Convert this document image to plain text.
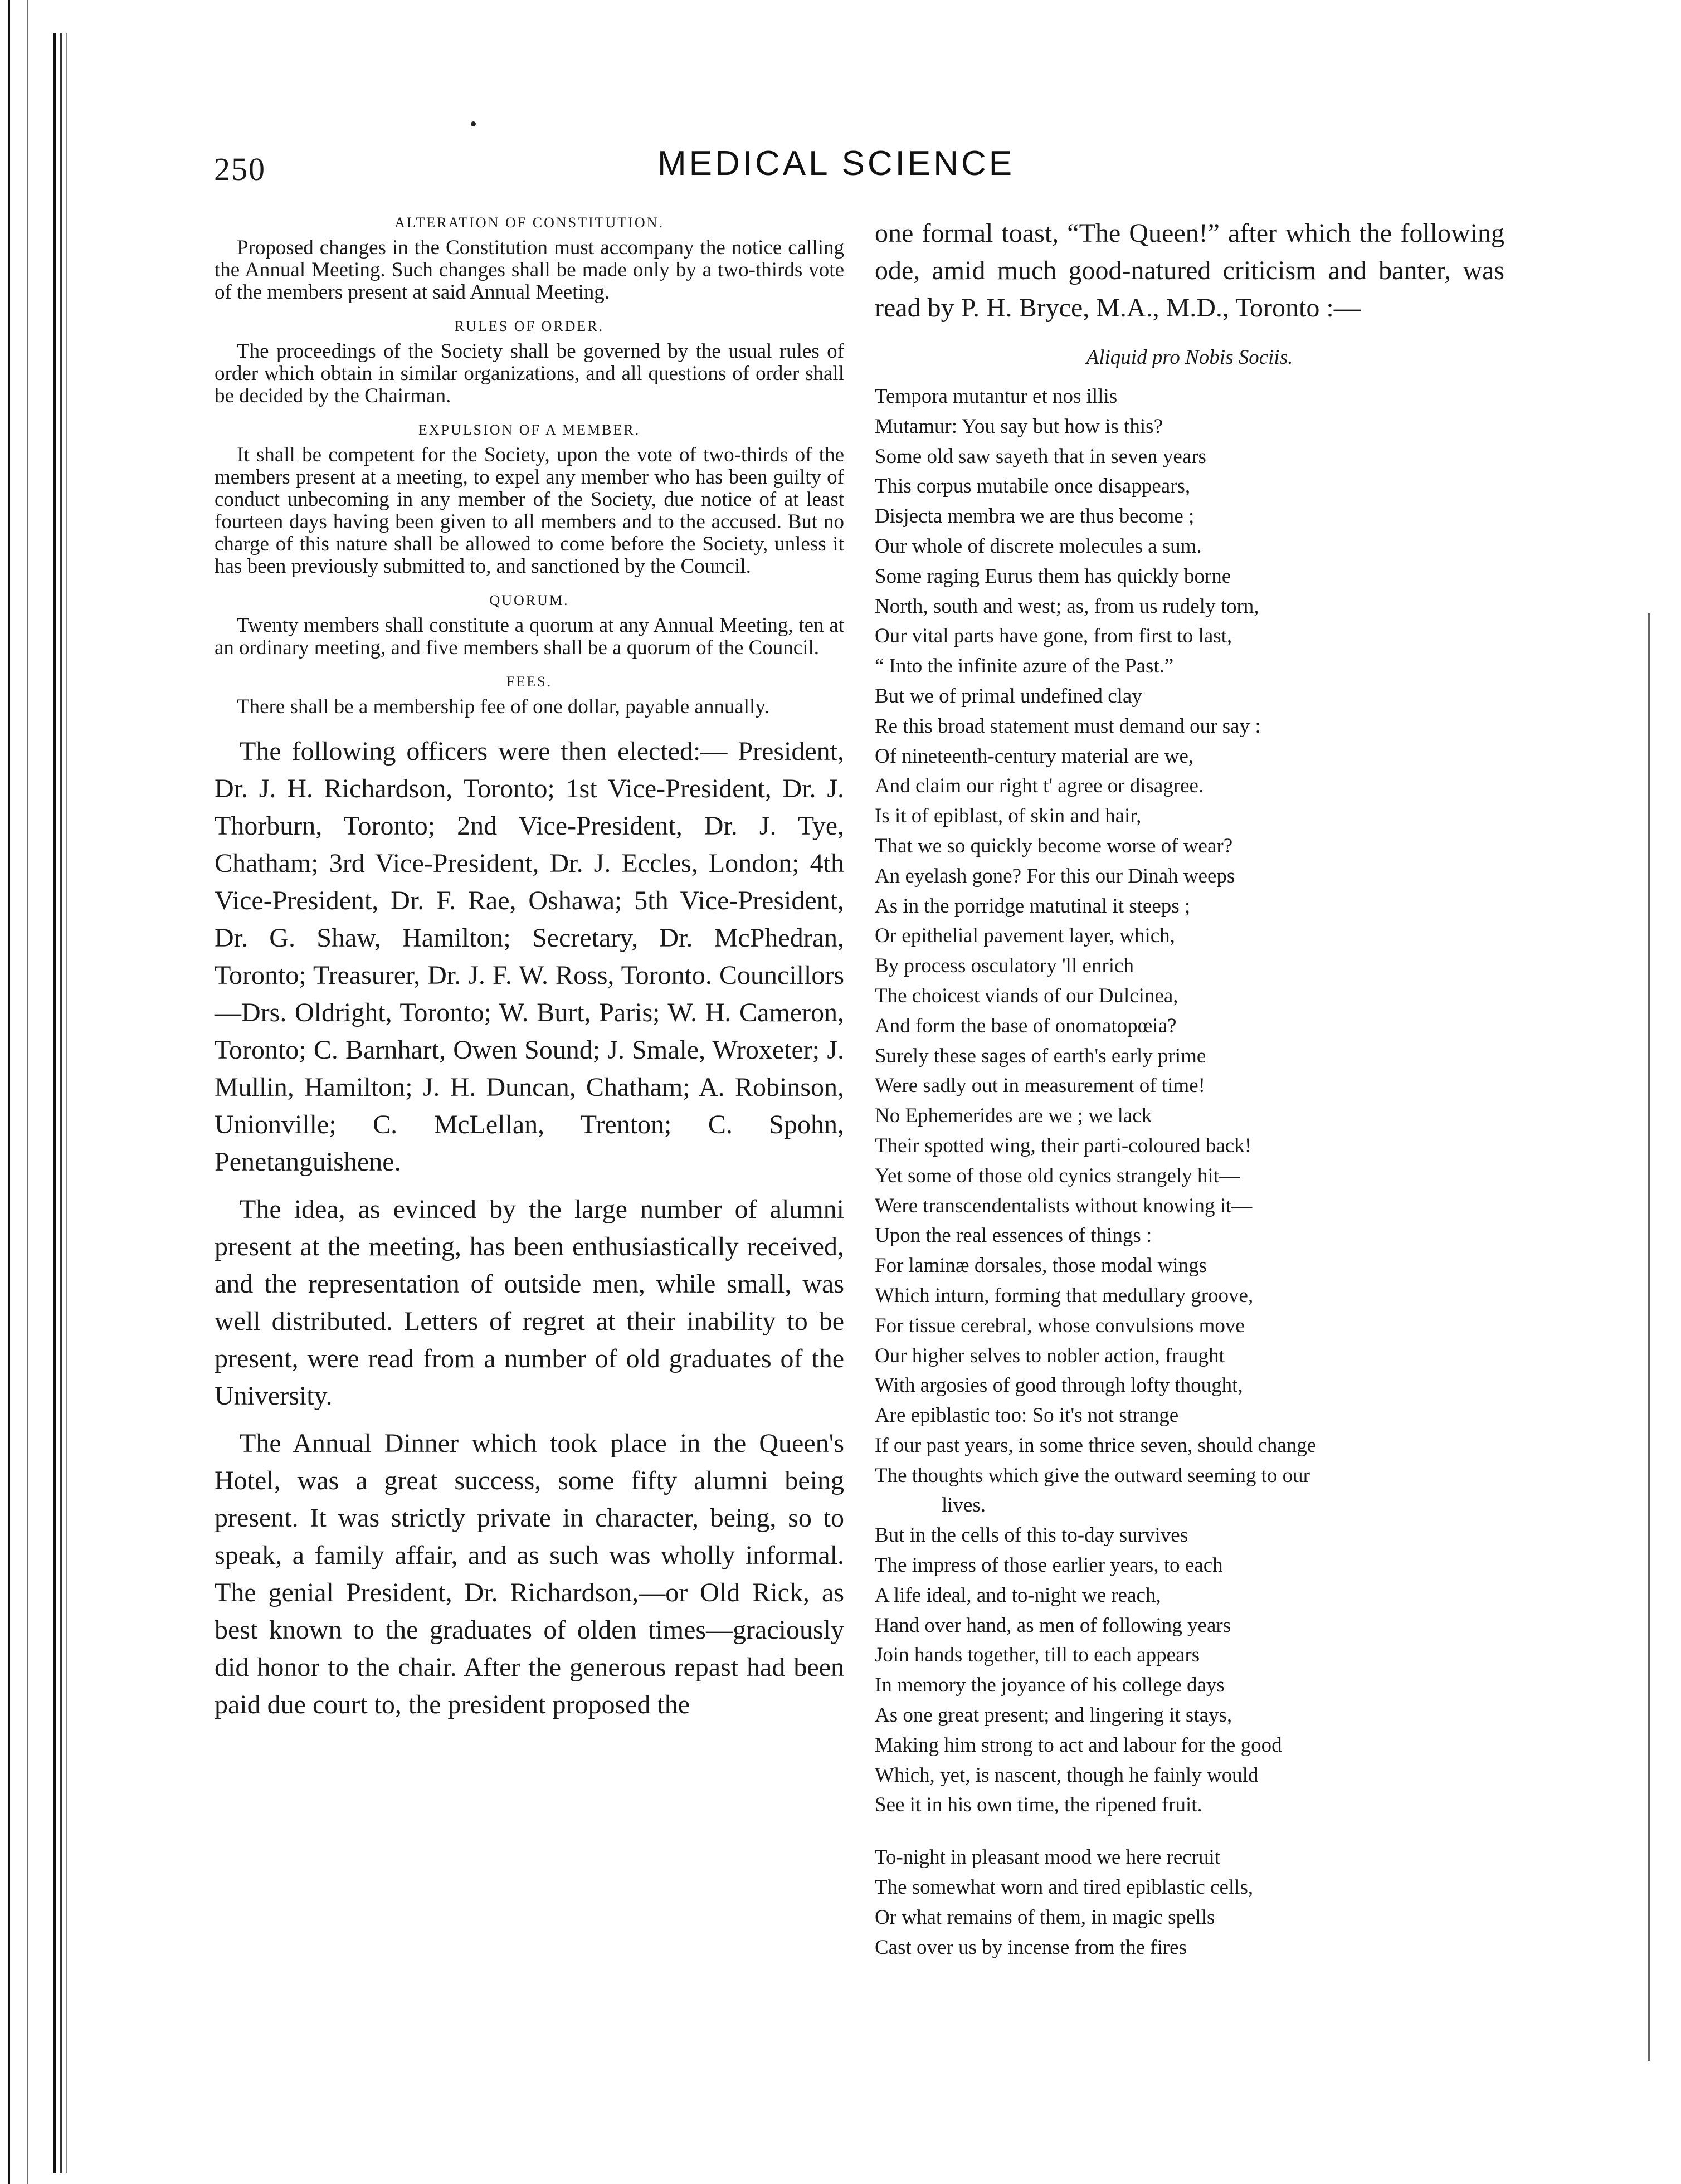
250	MEDICAL SCIENCE
ALTERATION OF CONSTITUTION.

Proposed changes in the Constitution must accompany the notice calling the Annual Meeting. Such changes shall be made only by a two-thirds vote of the members present at said Annual Meeting.

RULES OF ORDER.

The proceedings of the Society shall be governed by the usual rules of order which obtain in similar organizations, and all questions of order shall be decided by the Chairman.

EXPULSION OF A MEMBER.

It shall be competent for the Society, upon the vote of two-thirds of the members present at a meeting, to expel any member who has been guilty of conduct unbecoming in any member of the Society, due notice of at least fourteen days having been given to all members and to the accused. But no charge of this nature shall be allowed to come before the Society, unless it has been previously submitted to, and sanctioned by the Council.

QUORUM.

Twenty members shall constitute a quorum at any Annual Meeting, ten at an ordinary meeting, and five members shall be a quorum of the Council.

FEES.

There shall be a membership fee of one dollar, payable annually.

The following officers were then elected:— President, Dr. J. H. Richardson, Toronto; 1st Vice-President, Dr. J. Thorburn, Toronto; 2nd Vice-President, Dr. J. Tye, Chatham; 3rd Vice-President, Dr. J. Eccles, London; 4th Vice-President, Dr. F. Rae, Oshawa; 5th Vice-President, Dr. G. Shaw, Hamilton; Secretary, Dr. McPhedran, Toronto; Treasurer, Dr. J. F. W. Ross, Toronto. Councillors—Drs. Oldright, Toronto; W. Burt, Paris; W. H. Cameron, Toronto; C. Barnhart, Owen Sound; J. Smale, Wroxeter; J. Mullin, Hamilton; J. H. Duncan, Chatham; A. Robinson, Unionville; C. McLellan, Trenton; C. Spohn, Penetanguishene.

The idea, as evinced by the large number of alumni present at the meeting, has been enthusiastically received, and the representation of outside men, while small, was well distributed. Letters of regret at their inability to be present, were read from a number of old graduates of the University.

The Annual Dinner which took place in the Queen's Hotel, was a great success, some fifty alumni being present. It was strictly private in character, being, so to speak, a family affair, and as such was wholly informal. The genial President, Dr. Richardson,—or Old Rick, as best known to the graduates of olden times—graciously did honor to the chair. After the generous repast had been paid due court to, the president proposed the

one formal toast, “The Queen!” after which the following ode, amid much good-natured criticism and banter, was read by P. H. Bryce, M.A., M.D., Toronto :—

Aliquid pro Nobis Sociis.
Tempora mutantur et nos illis
Mutamur: You say but how is this?
Some old saw sayeth that in seven years
This corpus mutabile once disappears,
Disjecta membra we are thus become ;
Our whole of discrete molecules a sum.
Some raging Eurus them has quickly borne
North, south and west; as, from us rudely torn,
Our vital parts have gone, from first to last,
“ Into the infinite azure of the Past.”
But we of primal undefined clay
Re this broad statement must demand our say :
Of nineteenth-century material are we,
And claim our right t' agree or disagree.
Is it of epiblast, of skin and hair,
That we so quickly become worse of wear?
An eyelash gone? For this our Dinah weeps
As in the porridge matutinal it steeps ;
Or epithelial pavement layer, which,
By process osculatory 'll enrich
The choicest viands of our Dulcinea,
And form the base of onomatopœia?
Surely these sages of earth's early prime
Were sadly out in measurement of time!
No Ephemerides are we ; we lack
Their spotted wing, their parti-coloured back!
Yet some of those old cynics strangely hit—
Were transcendentalists without knowing it—
Upon the real essences of things :
For laminæ dorsales, those modal wings
Which inturn, forming that medullary groove,
For tissue cerebral, whose convulsions move
Our higher selves to nobler action, fraught
With argosies of good through lofty thought,
Are epiblastic too: So it's not strange
If our past years, in some thrice seven, should change
The thoughts which give the outward seeming to our
lives.
But in the cells of this to-day survives
The impress of those earlier years, to each
A life ideal, and to-night we reach,
Hand over hand, as men of following years
Join hands together, till to each appears
In memory the joyance of his college days
As one great present; and lingering it stays,
Making him strong to act and labour for the good
Which, yet, is nascent, though he fainly would
See it in his own time, the ripened fruit.
To-night in pleasant mood we here recruit
The somewhat worn and tired epiblastic cells,
Or what remains of them, in magic spells
Cast over us by incense from the fires
